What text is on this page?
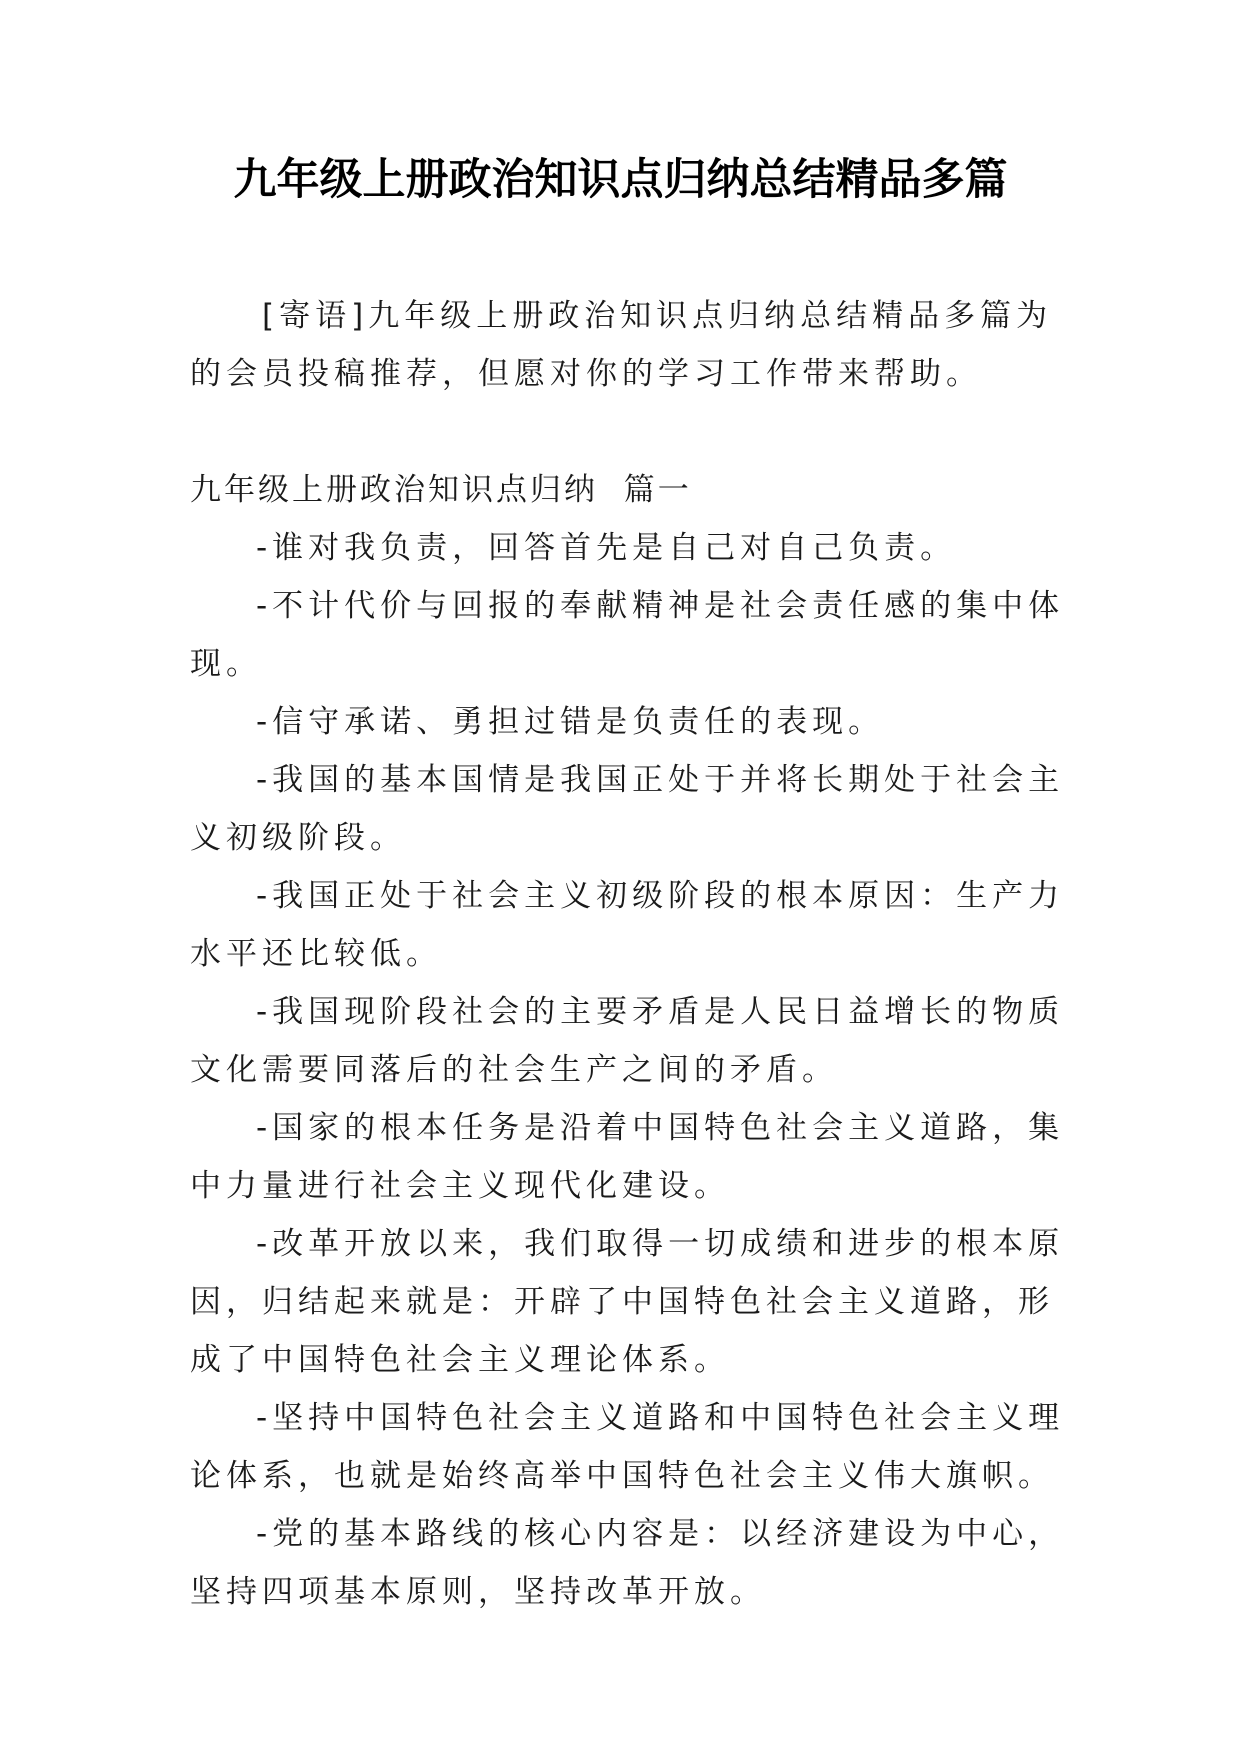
九年级上册政治知识点归纳总结精品多篇

[寄语]九年级上册政治知识点归纳总结精品多篇为的会员投稿推荐，但愿对你的学习工作带来帮助。

九年级上册政治知识点归纳  篇一
-谁对我负责，回答首先是自己对自己负责。
-不计代价与回报的奉献精神是社会责任感的集中体现。
-信守承诺、勇担过错是负责任的表现。
-我国的基本国情是我国正处于并将长期处于社会主义初级阶段。
-我国正处于社会主义初级阶段的根本原因：生产力水平还比较低。
-我国现阶段社会的主要矛盾是人民日益增长的物质文化需要同落后的社会生产之间的矛盾。
-国家的根本任务是沿着中国特色社会主义道路，集中力量进行社会主义现代化建设。
-改革开放以来，我们取得一切成绩和进步的根本原因，归结起来就是：开辟了中国特色社会主义道路，形成了中国特色社会主义理论体系。
-坚持中国特色社会主义道路和中国特色社会主义理论体系，也就是始终高举中国特色社会主义伟大旗帜。
-党的基本路线的核心内容是：以经济建设为中心，坚持四项基本原则，坚持改革开放。
